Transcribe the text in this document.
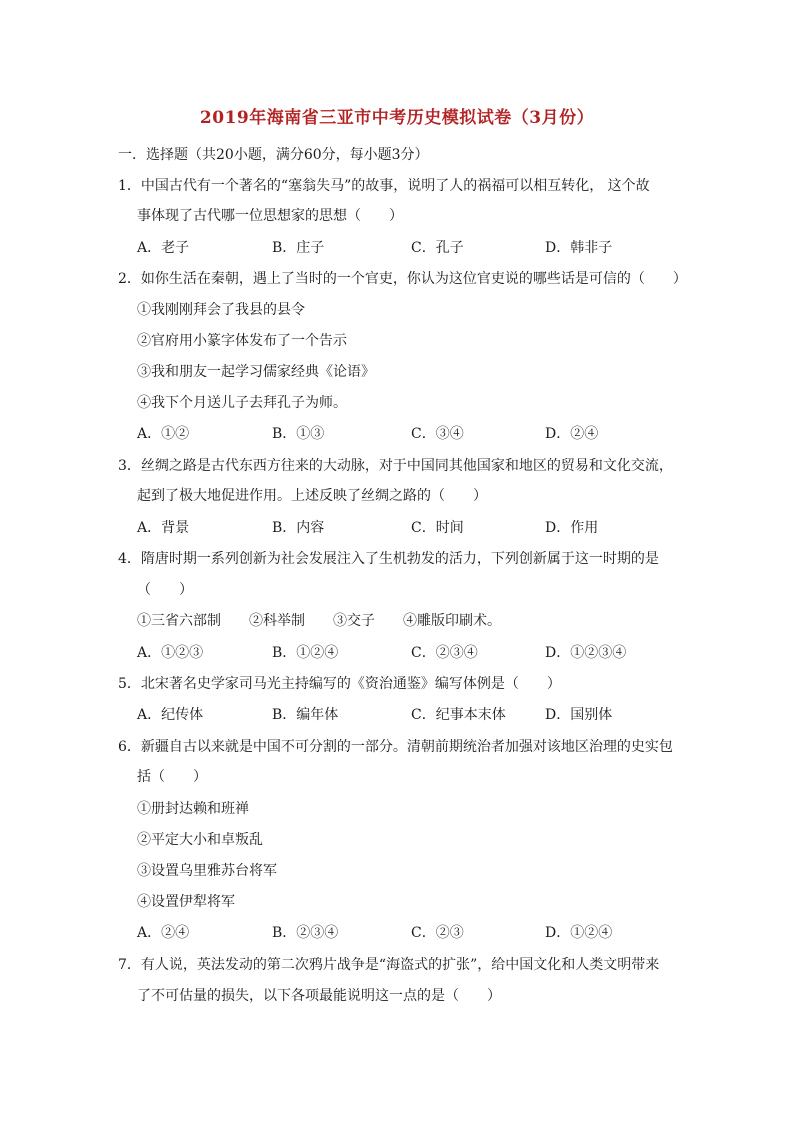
2019年海南省三亚市中考历史模拟试卷（3月份）
一．选择题（共20小题，满分60分，每小题3分）
1．中国古代有一个著名的“塞翁失马”的故事，说明了人的祸福可以相互转化， 这个故
事体现了古代哪一位思想家的思想（　　）
A．老子	B．庄子	C．孔子	D．韩非子
2．如你生活在秦朝，遇上了当时的一个官吏，你认为这位官吏说的哪些话是可信的（　　）
①我刚刚拜会了我县的县令
②官府用小篆字体发布了一个告示
③我和朋友一起学习儒家经典《论语》
④我下个月送儿子去拜孔子为师。
A．①②	B．①③	C．③④	D．②④
3．丝绸之路是古代东西方往来的大动脉，对于中国同其他国家和地区的贸易和文化交流，
起到了极大地促进作用。上述反映了丝绸之路的（　　）
A．背景	B．内容	C．时间	D．作用
4．隋唐时期一系列创新为社会发展注入了生机勃发的活力，下列创新属于这一时期的是
（　　）
①三省六部制　　②科举制　　③交子　　④雕版印刷术。
A．①②③	B．①②④	C．②③④	D．①②③④
5．北宋著名史学家司马光主持编写的《资治通鉴》编写体例是（　　）
A．纪传体	B．编年体	C．纪事本末体	D．国别体
6．新疆自古以来就是中国不可分割的一部分。清朝前期统治者加强对该地区治理的史实包
括（　　）
①册封达赖和班禅
②平定大小和卓叛乱
③设置乌里雅苏台将军
④设置伊犁将军
A．②④	B．②③④	C．②③	D．①②④
7．有人说，英法发动的第二次鸦片战争是“海盗式的扩张”，给中国文化和人类文明带来
了不可估量的损失，以下各项最能说明这一点的是（　　）
